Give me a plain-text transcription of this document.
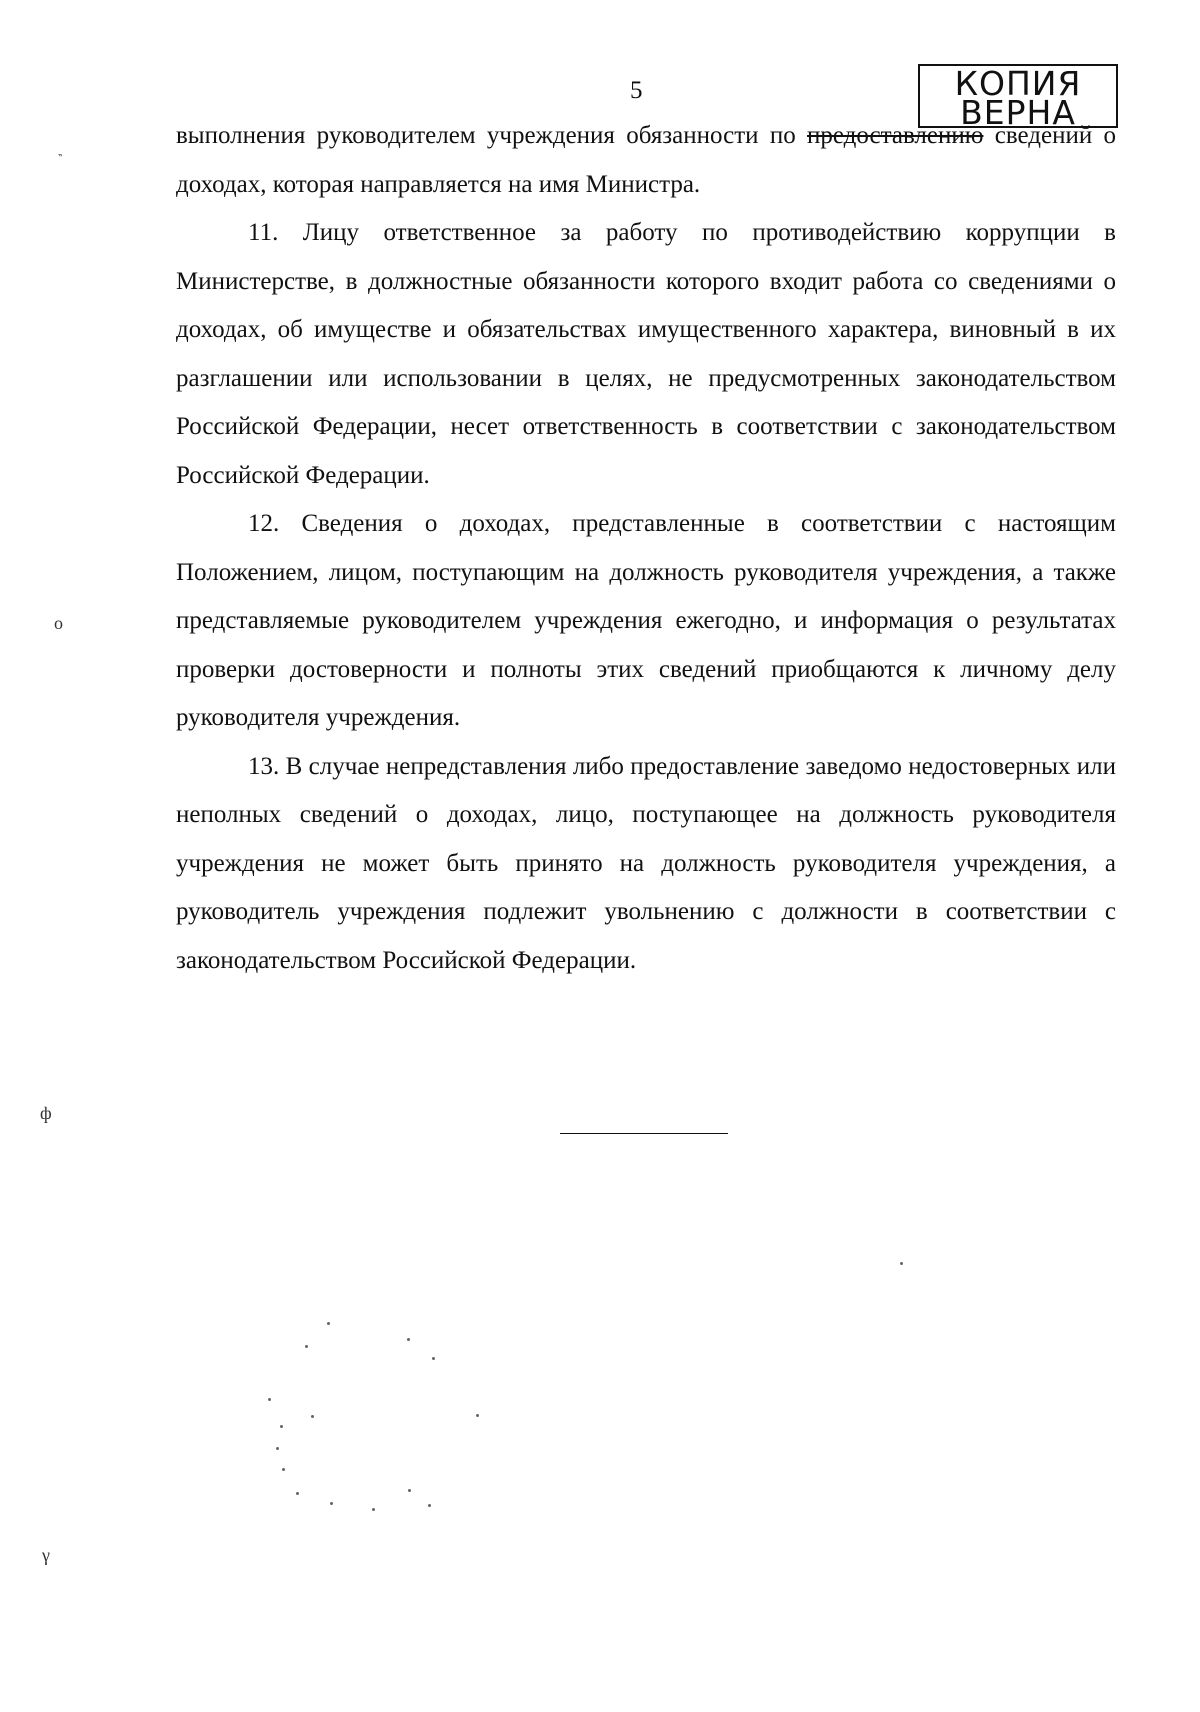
5	КОПИЯ
ВЕРНА

выполнения руководителем учреждения обязанности по предоставлению сведений о доходах, которая направляется на имя Министра.

11. Лицу ответственное за работу по противодействию коррупции в Министерстве, в должностные обязанности которого входит работа со сведениями о доходах, об имуществе и обязательствах имущественного характера, виновный в их разглашении или использовании в целях, не предусмотренных законодательством Российской Федерации, несет ответственность в соответствии с законодательством Российской Федерации.

12. Сведения о доходах, представленные в соответствии с настоящим Положением, лицом, поступающим на должность руководителя учреждения, а также представляемые руководителем учреждения ежегодно, и информация о результатах проверки достоверности и полноты этих сведений приобщаются к личному делу руководителя учреждения.

13. В случае непредставления либо предоставление заведомо недостоверных или неполных сведений о доходах, лицо, поступающее на должность руководителя учреждения не может быть принято на должность руководителя учреждения, а руководитель учреждения подлежит увольнению с должности в соответствии с законодательством Российской Федерации.

‶
о
ф
γ
